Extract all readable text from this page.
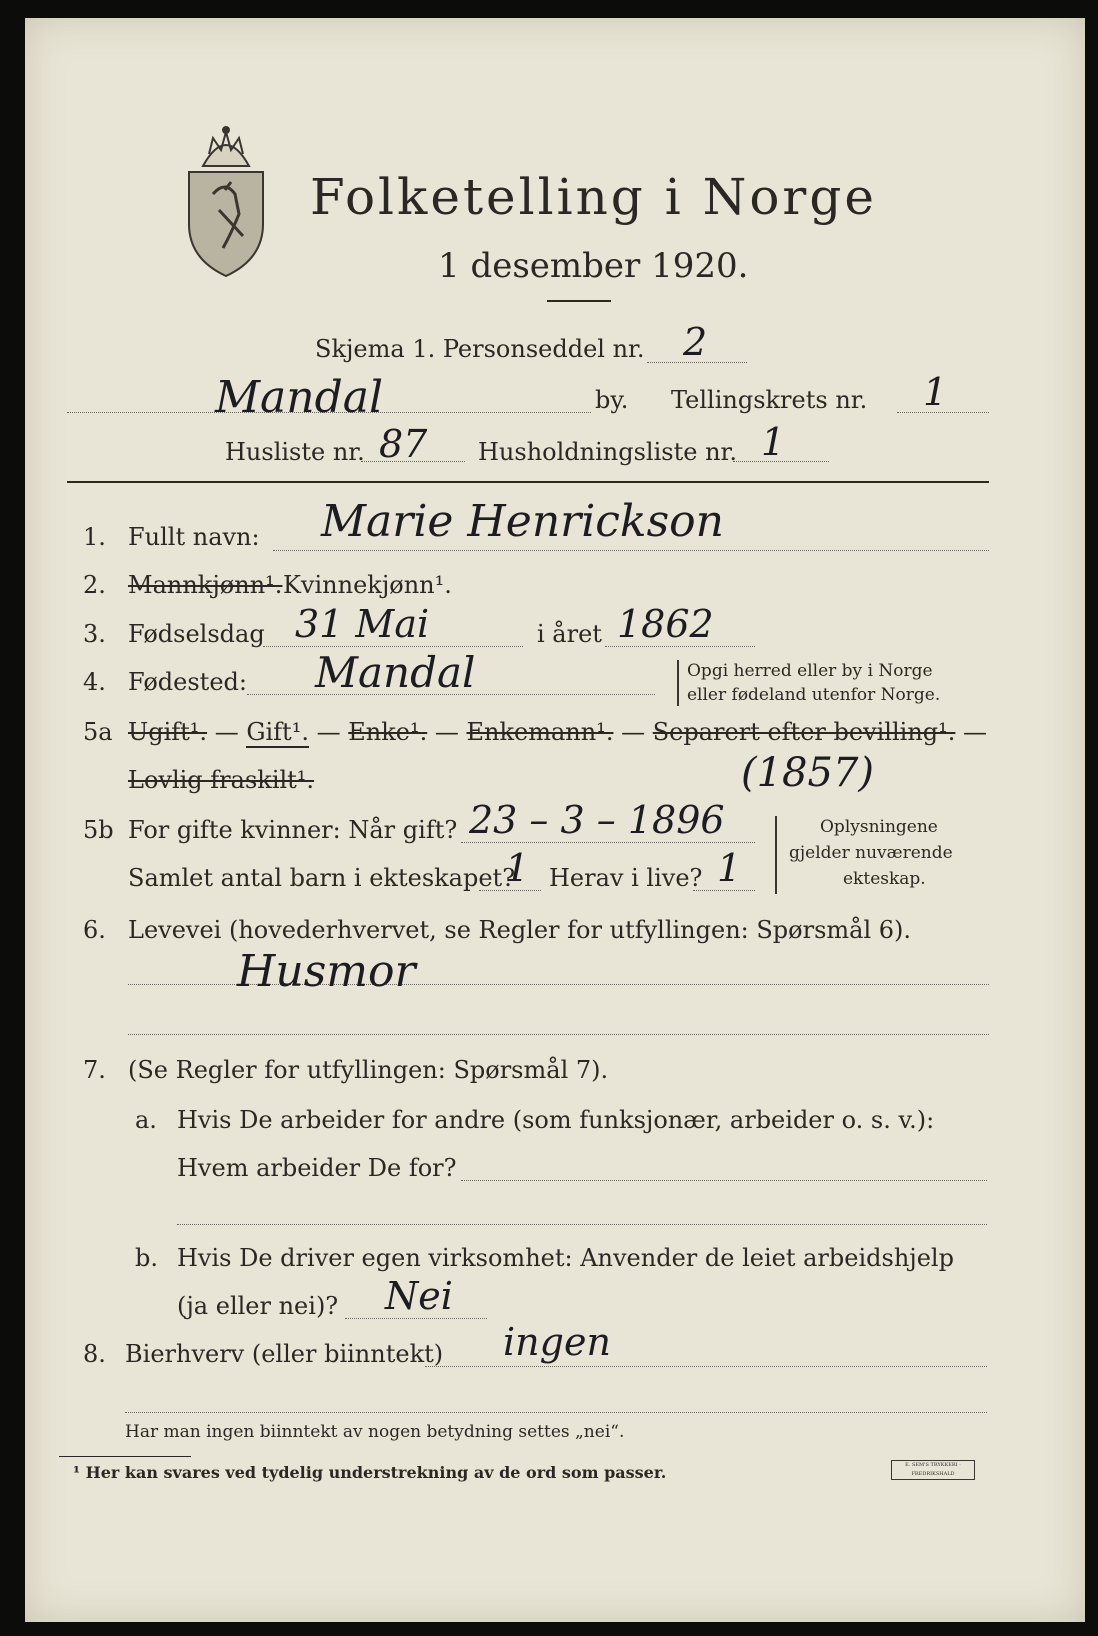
Folketelling i Norge
1 desember 1920.
Skjema 1. Personseddel nr. 2
Mandal	by. Tellingskrets nr. 1
Husliste nr. 87 Husholdningsliste nr. 1
1. Fullt navn: Marie Henrickson
2. Mannkjønn¹. Kvinnekjønn¹.
3. Fødselsdag 31 Mai	i året 1862
4. Fødested: Mandal	Opgi herred eller by i Norge
eller fødeland utenfor Norge.
5a Ugift¹. — Gift¹. — Enke¹. — Enkemann¹. — Separert efter bevilling¹. —
Lovlig fraskilt¹.	(1857)
5b For gifte kvinner: Når gift? 23 – 3 – 1896
Samlet antal barn i ekteskapet?
1 Herav i live? 1
Oplysningene
gjelder nuværende
ekteskap.
6. Levevei (hovederhvervet, se Regler for utfyllingen: Spørsmål 6).
Husmor
7. (Se Regler for utfyllingen: Spørsmål 7).
a. Hvis De arbeider for andre (som funksjonær, arbeider o. s. v.):
Hvem arbeider De for?
b. Hvis De driver egen virksomhet: Anvender de leiet arbeidshjelp
(ja eller nei)? Nei
8. Bierhverv (eller biinntekt) ingen
Har man ingen biinntekt av nogen betydning settes „nei“.
¹ Her kan svares ved tydelig understrekning av de ord som passer.	E. SEM'S TRYKKERI · FREDRIKSHALD
